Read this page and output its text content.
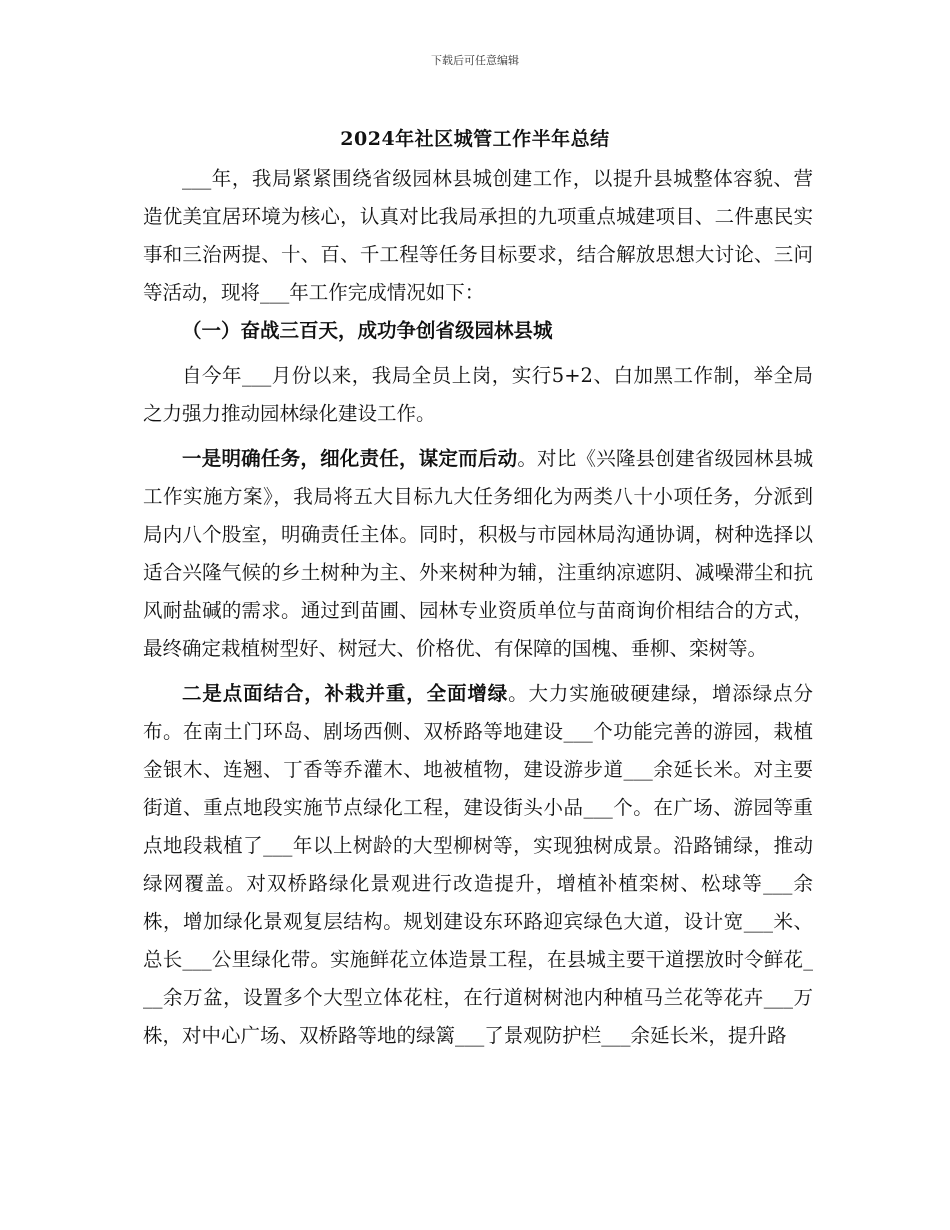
下载后可任意编辑
2024年社区城管工作半年总结

___年，我局紧紧围绕省级园林县城创建工作，以提升县城整体容貌、营造优美宜居环境为核心，认真对比我局承担的九项重点城建项目、二件惠民实事和三治两提、十、百、千工程等任务目标要求，结合解放思想大讨论、三问等活动，现将___年工作完成情况如下：

（一）奋战三百天，成功争创省级园林县城

自今年___月份以来，我局全员上岗，实行5+2、白加黑工作制，举全局之力强力推动园林绿化建设工作。

一是明确任务，细化责任，谋定而后动。对比《兴隆县创建省级园林县城工作实施方案》，我局将五大目标九大任务细化为两类八十小项任务，分派到局内八个股室，明确责任主体。同时，积极与市园林局沟通协调，树种选择以适合兴隆气候的乡土树种为主、外来树种为辅，注重纳凉遮阴、减噪滞尘和抗风耐盐碱的需求。通过到苗圃、园林专业资质单位与苗商询价相结合的方式，最终确定栽植树型好、树冠大、价格优、有保障的国槐、垂柳、栾树等。

二是点面结合，补栽并重，全面增绿。大力实施破硬建绿，增添绿点分布。在南土门环岛、剧场西侧、双桥路等地建设___个功能完善的游园，栽植金银木、连翘、丁香等乔灌木、地被植物，建设游步道___余延长米。对主要街道、重点地段实施节点绿化工程，建设街头小品___个。在广场、游园等重点地段栽植了___年以上树龄的大型柳树等，实现独树成景。沿路铺绿，推动绿网覆盖。对双桥路绿化景观进行改造提升，增植补植栾树、松球等___余株，增加绿化景观复层结构。规划建设东环路迎宾绿色大道，设计宽___米、总长___公里绿化带。实施鲜花立体造景工程，在县城主要干道摆放时令鲜花___余万盆，设置多个大型立体花柱，在行道树树池内种植马兰花等花卉___万株，对中心广场、双桥路等地的绿篱___了景观防护栏___余延长米，提升路
